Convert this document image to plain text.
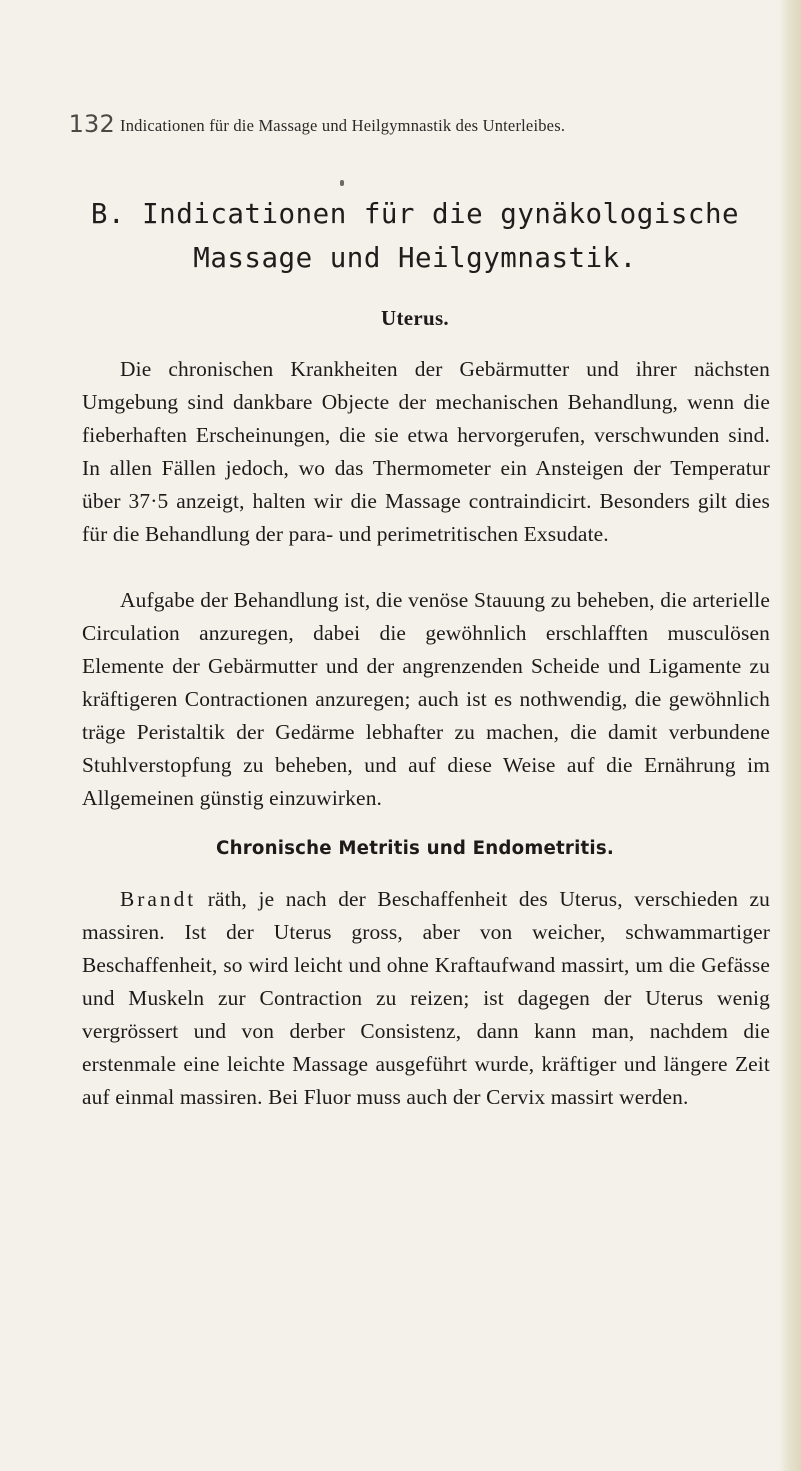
132 Indicationen für die Massage und Heilgymnastik des Unterleibes.
B. Indicationen für die gynäkologische
Massage und Heilgymnastik.
Uterus.

Die chronischen Krankheiten der Gebärmutter und ihrer nächsten Umgebung sind dankbare Objecte der mechanischen Behandlung, wenn die fieberhaften Erscheinungen, die sie etwa hervorgerufen, verschwunden sind. In allen Fällen jedoch, wo das Thermometer ein Ansteigen der Temperatur über 37·5 anzeigt, halten wir die Massage contraindicirt. Besonders gilt dies für die Behandlung der para- und perimetritischen Exsudate.

Aufgabe der Behandlung ist, die venöse Stauung zu beheben, die arterielle Circulation anzuregen, dabei die gewöhnlich erschlafften musculösen Elemente der Gebärmutter und der angrenzenden Scheide und Ligamente zu kräftigeren Contractionen anzuregen; auch ist es nothwendig, die gewöhnlich träge Peristaltik der Gedärme lebhafter zu machen, die damit verbundene Stuhlverstopfung zu beheben, und auf diese Weise auf die Ernährung im Allgemeinen günstig einzuwirken.

Chronische Metritis und Endometritis.

Brandt räth, je nach der Beschaffenheit des Uterus, verschieden zu massiren. Ist der Uterus gross, aber von weicher, schwammartiger Beschaffenheit, so wird leicht und ohne Kraftaufwand massirt, um die Gefässe und Muskeln zur Contraction zu reizen; ist dagegen der Uterus wenig vergrössert und von derber Consistenz, dann kann man, nachdem die erstenmale eine leichte Massage ausgeführt wurde, kräftiger und längere Zeit auf einmal massiren. Bei Fluor muss auch der Cervix massirt werden.
